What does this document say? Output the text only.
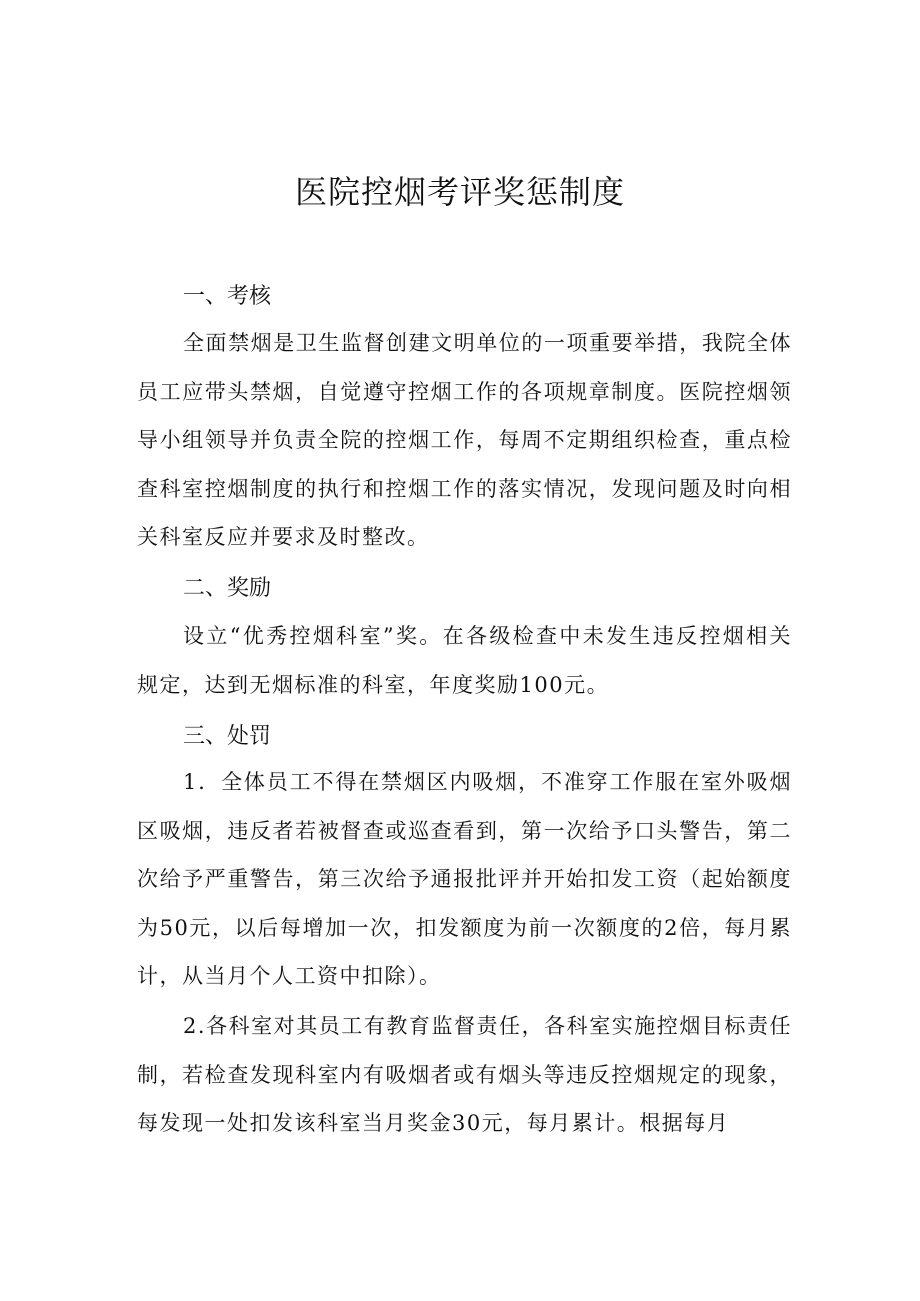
医院控烟考评奖惩制度
一、考核

全面禁烟是卫生监督创建文明单位的一项重要举措，我院全体员工应带头禁烟，自觉遵守控烟工作的各项规章制度。医院控烟领导小组领导并负责全院的控烟工作，每周不定期组织检查，重点检查科室控烟制度的执行和控烟工作的落实情况，发现问题及时向相关科室反应并要求及时整改。

二、奖励

设立“优秀控烟科室”奖。在各级检查中未发生违反控烟相关规定，达到无烟标准的科室，年度奖励100元。

三、处罚

1．全体员工不得在禁烟区内吸烟，不准穿工作服在室外吸烟区吸烟，违反者若被督查或巡查看到，第一次给予口头警告，第二次给予严重警告，第三次给予通报批评并开始扣发工资（起始额度为50元，以后每增加一次，扣发额度为前一次额度的2倍，每月累计，从当月个人工资中扣除）。

2.各科室对其员工有教育监督责任，各科室实施控烟目标责任制，若检查发现科室内有吸烟者或有烟头等违反控烟规定的现象，每发现一处扣发该科室当月奖金30元，每月累计。根据每月
